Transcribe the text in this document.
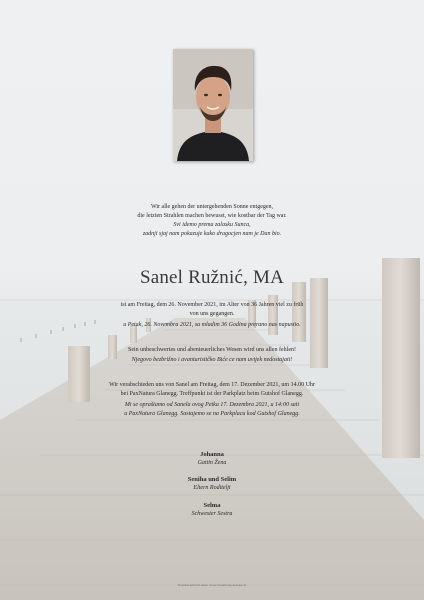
Wir alle gehen der untergehenden Sonne entgegen,
die letzten Strahlen machen bewusst, wie kostbar der Tag war.
Svi idemo prema zalasku Sunca,
zadnji sjaj nam pokazuje kako dragocjen nam je Dan bio.
Sanel Ružnić, MA
ist am Freitag, dem 26. November 2021, im Alter von 36 Jahren viel zu früh
von uns gegangen.
u Petak, 26. Novembra 2021, sa mladim 36 Godina prerano nas napustio.
Sein unbeschwertes und abenteuerliches Wesen wird uns allen fehlen!
Njegovo bezbrižno i avanturističko Biće ce nam uvijek nedostajati!
Wir verabschieden uns von Sanel am Freitag, dem 17. Dezember 2021, um 14.00 Uhr
bei PaxNatura Glanegg. Treffpunkt ist der Parkplatz beim Gutshof Glanegg.
Mi se opraštamo od Sanela ovog Petka 17. Dezembra 2021, u 14:00 sati
u PaxNatura Glanegg. Sastajemo se na Parkplacu kod Gutshof Glanegg.
Johanna
Gattin Žena
Seniha und Selim
Eltern Roditelji
Selma
Schwester Sestra
Kondolenzbuch unter www.bestattung-kaerger.at
